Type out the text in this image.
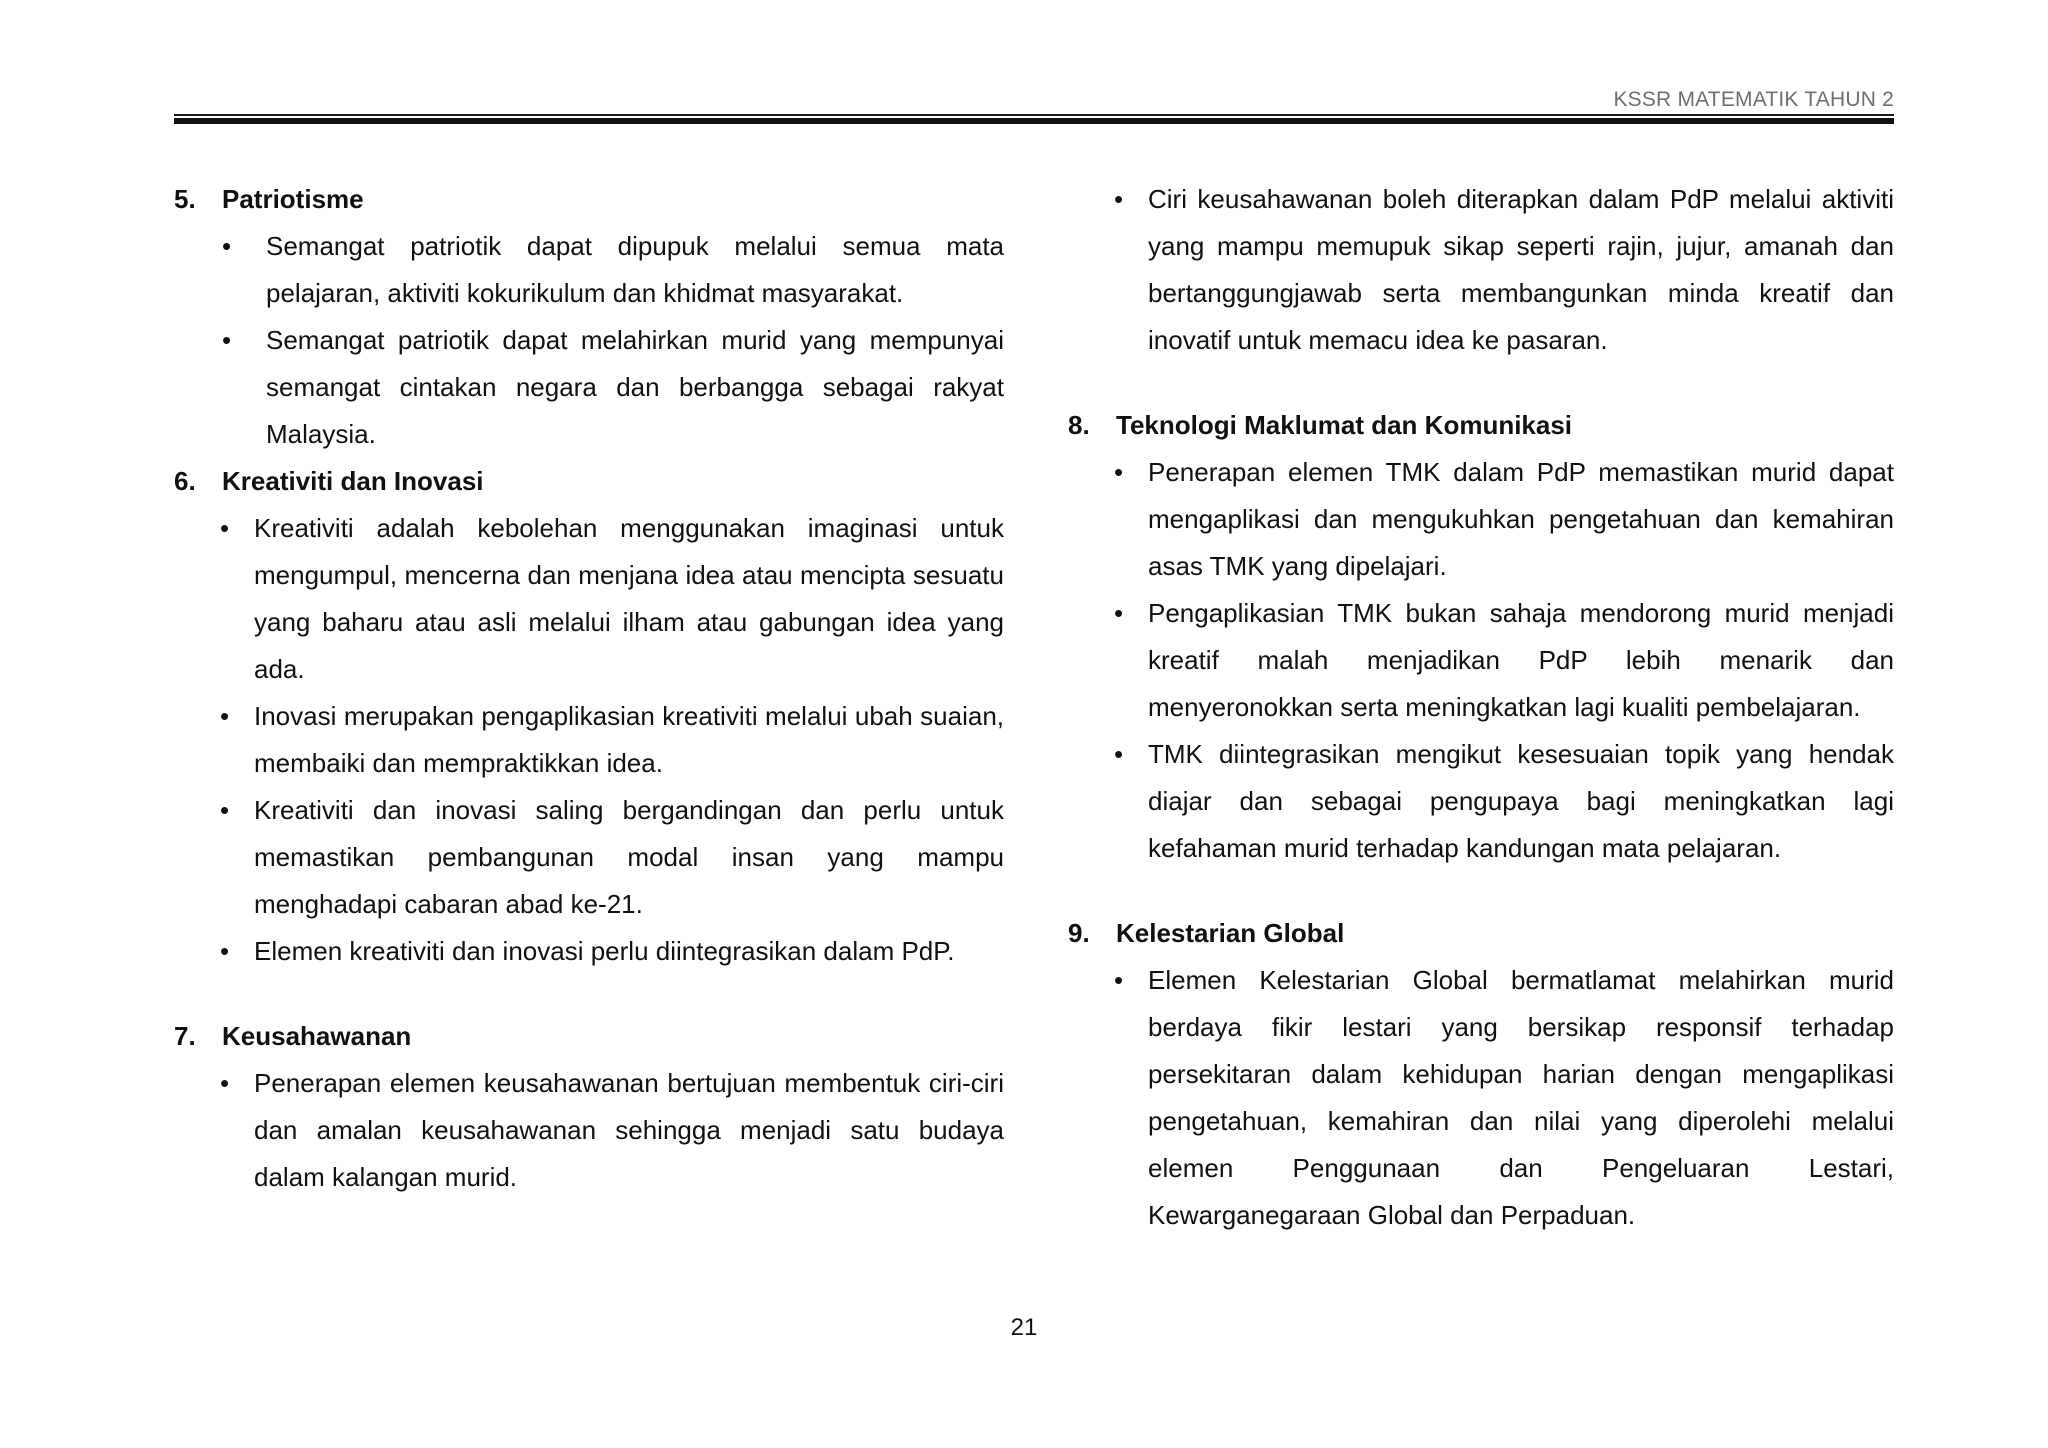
KSSR MATEMATIK TAHUN 2
5.	Patriotisme
• Semangat patriotik dapat dipupuk melalui semua mata pelajaran, aktiviti kokurikulum dan khidmat masyarakat.
• Semangat patriotik dapat melahirkan murid yang mempunyai semangat cintakan negara dan berbangga sebagai rakyat Malaysia.
6.	Kreativiti dan Inovasi
• Kreativiti adalah kebolehan menggunakan imaginasi untuk mengumpul, mencerna dan menjana idea atau mencipta sesuatu yang baharu atau asli melalui ilham atau gabungan idea yang ada.
• Inovasi merupakan pengaplikasian kreativiti melalui ubah suaian, membaiki dan mempraktikkan idea.
• Kreativiti dan inovasi saling bergandingan dan perlu untuk memastikan pembangunan modal insan yang mampu menghadapi cabaran abad ke-21.
• Elemen kreativiti dan inovasi perlu diintegrasikan dalam PdP.
7.	Keusahawanan
• Penerapan elemen keusahawanan bertujuan membentuk ciri-ciri dan amalan keusahawanan sehingga menjadi satu budaya dalam kalangan murid.
• Ciri keusahawanan boleh diterapkan dalam PdP melalui aktiviti yang mampu memupuk sikap seperti rajin, jujur, amanah dan bertanggungjawab serta membangunkan minda kreatif dan inovatif untuk memacu idea ke pasaran.
8.	Teknologi Maklumat dan Komunikasi
• Penerapan elemen TMK dalam PdP memastikan murid dapat mengaplikasi dan mengukuhkan pengetahuan dan kemahiran asas TMK yang dipelajari.
• Pengaplikasian TMK bukan sahaja mendorong murid menjadi kreatif malah menjadikan PdP lebih menarik dan menyeronokkan serta meningkatkan lagi kualiti pembelajaran.
• TMK diintegrasikan mengikut kesesuaian topik yang hendak diajar dan sebagai pengupaya bagi meningkatkan lagi kefahaman murid terhadap kandungan mata pelajaran.
9.	Kelestarian Global
• Elemen Kelestarian Global bermatlamat melahirkan murid berdaya fikir lestari yang bersikap responsif terhadap persekitaran dalam kehidupan harian dengan mengaplikasi pengetahuan, kemahiran dan nilai yang diperolehi melalui elemen Penggunaan dan Pengeluaran Lestari, Kewarganegaraan Global dan Perpaduan.
21
